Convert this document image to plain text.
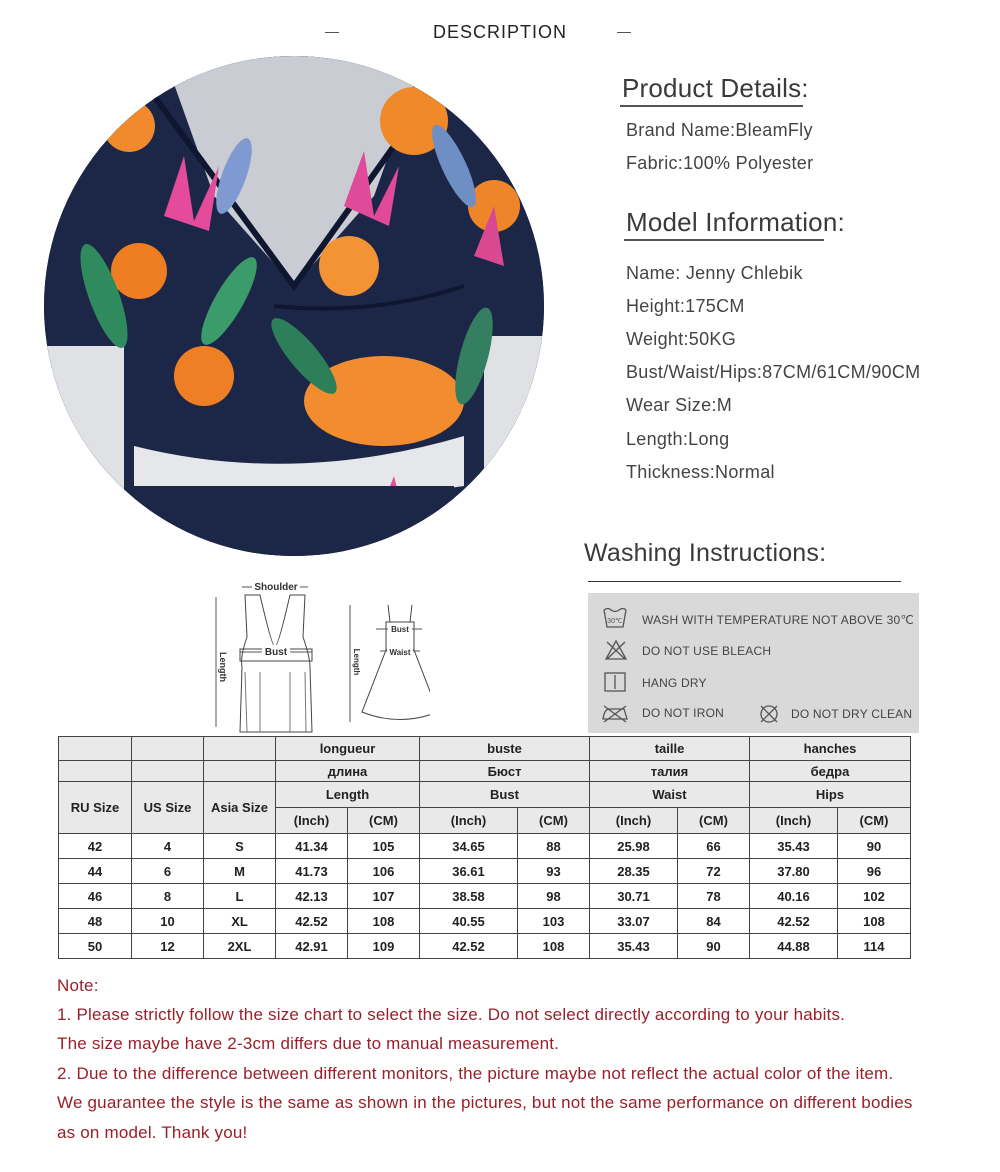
DESCRIPTION
Product Details:
Brand Name:BleamFly
Fabric:100% Polyester
Model Information:
Name: Jenny Chlebik
Height:175CM
Weight:50KG
Bust/Waist/Hips:87CM/61CM/90CM
Wear Size:M
Length:Long
Thickness:Normal
Washing Instructions:
30℃ WASH WITH TEMPERATURE NOT ABOVE 30℃
DO NOT USE BLEACH
HANG DRY
DO NOT IRON	DO NOT DRY CLEAN
Shoulder
Bust
Length
Bust
Waist
Length
			longueur		buste		taille		hanches	
			длина		Бюст		талия		бедра	
RU Size	US Size	Asia Size	Length		Bust		Waist		Hips	
			(Inch)	(CM)	(Inch)	(CM)	(Inch)	(CM)	(Inch)	(CM)
42	4	S	41.34	105	34.65	88	25.98	66	35.43	90
44	6	M	41.73	106	36.61	93	28.35	72	37.80	96
46	8	L	42.13	107	38.58	98	30.71	78	40.16	102
48	10	XL	42.52	108	40.55	103	33.07	84	42.52	108
50	12	2XL	42.91	109	42.52	108	35.43	90	44.88	114
Note:
1. Please strictly follow the size chart to select the size. Do not select directly according to your habits.
The size maybe have 2-3cm differs due to manual measurement.
2. Due to the difference between different monitors, the picture maybe not reflect the actual color of the item.
We guarantee the style is the same as shown in the pictures, but not the same performance on different bodies
as on model. Thank you!
